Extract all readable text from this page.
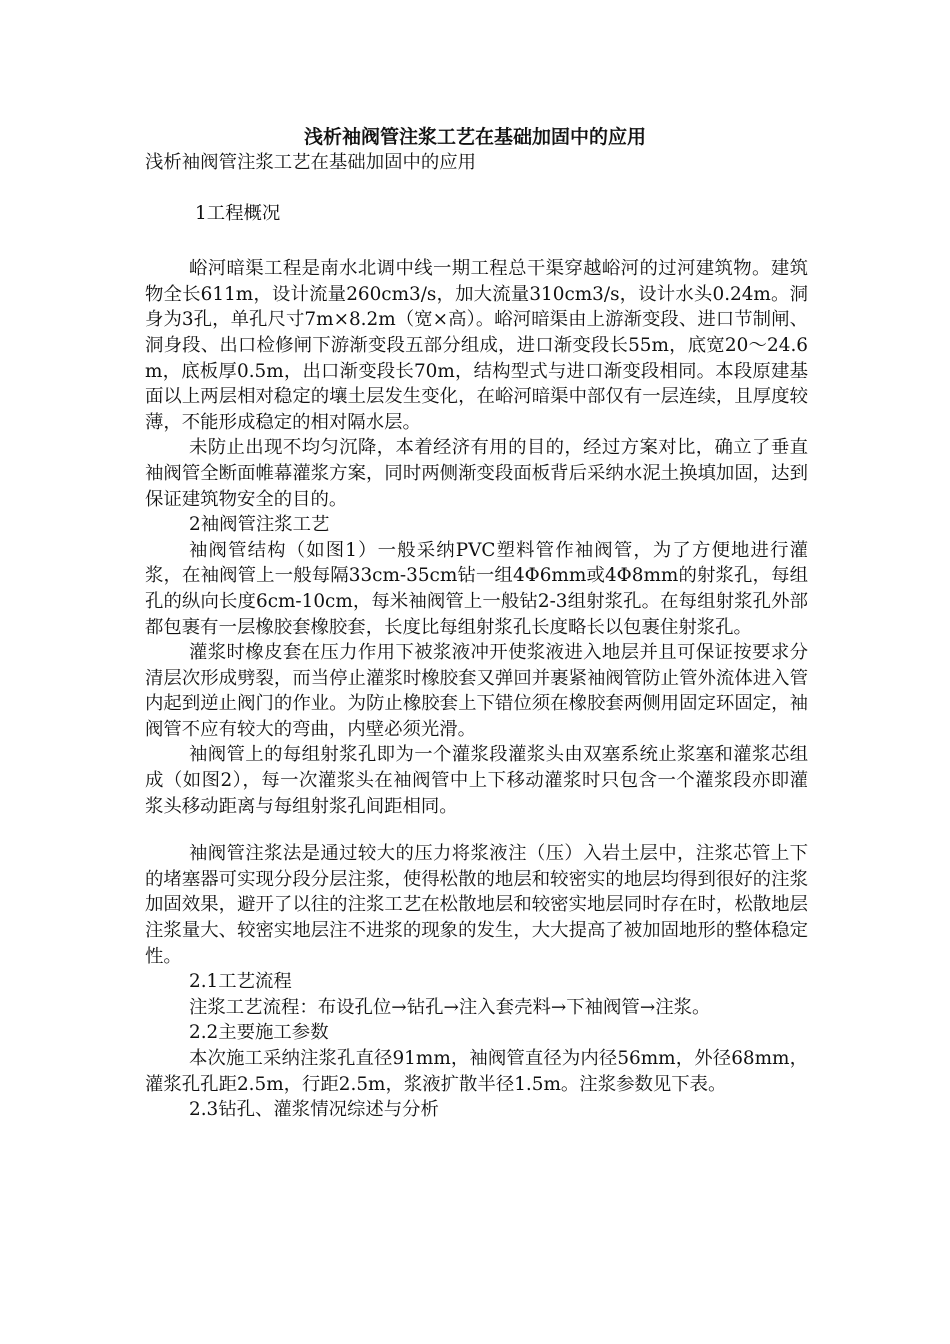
浅析袖阀管注浆工艺在基础加固中的应用

浅析袖阀管注浆工艺在基础加固中的应用

1工程概况

峪河暗渠工程是南水北调中线一期工程总干渠穿越峪河的过河建筑物。建筑物全长611m，设计流量260cm3/s，加大流量310cm3/s，设计水头0.24m。洞身为3孔，单孔尺寸7m×8.2m（宽×高）。峪河暗渠由上游渐变段、进口节制闸、洞身段、出口检修闸下游渐变段五部分组成，进口渐变段长55m，底宽20～24.6m，底板厚0.5m，出口渐变段长70m，结构型式与进口渐变段相同。本段原建基面以上两层相对稳定的壤土层发生变化，在峪河暗渠中部仅有一层连续，且厚度较薄，不能形成稳定的相对隔水层。

未防止出现不均匀沉降，本着经济有用的目的，经过方案对比，确立了垂直袖阀管全断面帷幕灌浆方案，同时两侧渐变段面板背后采纳水泥土换填加固，达到保证建筑物安全的目的。

2袖阀管注浆工艺

袖阀管结构（如图1）一般采纳PVC塑料管作袖阀管，为了方便地进行灌浆，在袖阀管上一般每隔33cm-35cm钻一组4Φ6mm或4Φ8mm的射浆孔，每组孔的纵向长度6cm-10cm，每米袖阀管上一般钻2-3组射浆孔。在每组射浆孔外部都包裹有一层橡胶套橡胶套，长度比每组射浆孔长度略长以包裹住射浆孔。

灌浆时橡皮套在压力作用下被浆液冲开使浆液进入地层并且可保证按要求分清层次形成劈裂，而当停止灌浆时橡胶套又弹回并裹紧袖阀管防止管外流体进入管内起到逆止阀门的作业。为防止橡胶套上下错位须在橡胶套两侧用固定环固定，袖阀管不应有较大的弯曲，内壁必须光滑。

袖阀管上的每组射浆孔即为一个灌浆段灌浆头由双塞系统止浆塞和灌浆芯组成（如图2），每一次灌浆头在袖阀管中上下移动灌浆时只包含一个灌浆段亦即灌浆头移动距离与每组射浆孔间距相同。

袖阀管注浆法是通过较大的压力将浆液注（压）入岩土层中，注浆芯管上下的堵塞器可实现分段分层注浆，使得松散的地层和较密实的地层均得到很好的注浆加固效果，避开了以往的注浆工艺在松散地层和较密实地层同时存在时，松散地层注浆量大、较密实地层注不进浆的现象的发生，大大提高了被加固地形的整体稳定性。

2.1工艺流程

注浆工艺流程：布设孔位→钻孔→注入套壳料→下袖阀管→注浆。

2.2主要施工参数

本次施工采纳注浆孔直径91mm，袖阀管直径为内径56mm，外径68mm，灌浆孔孔距2.5m，行距2.5m，浆液扩散半径1.5m。注浆参数见下表。

2.3钻孔、灌浆情况综述与分析
